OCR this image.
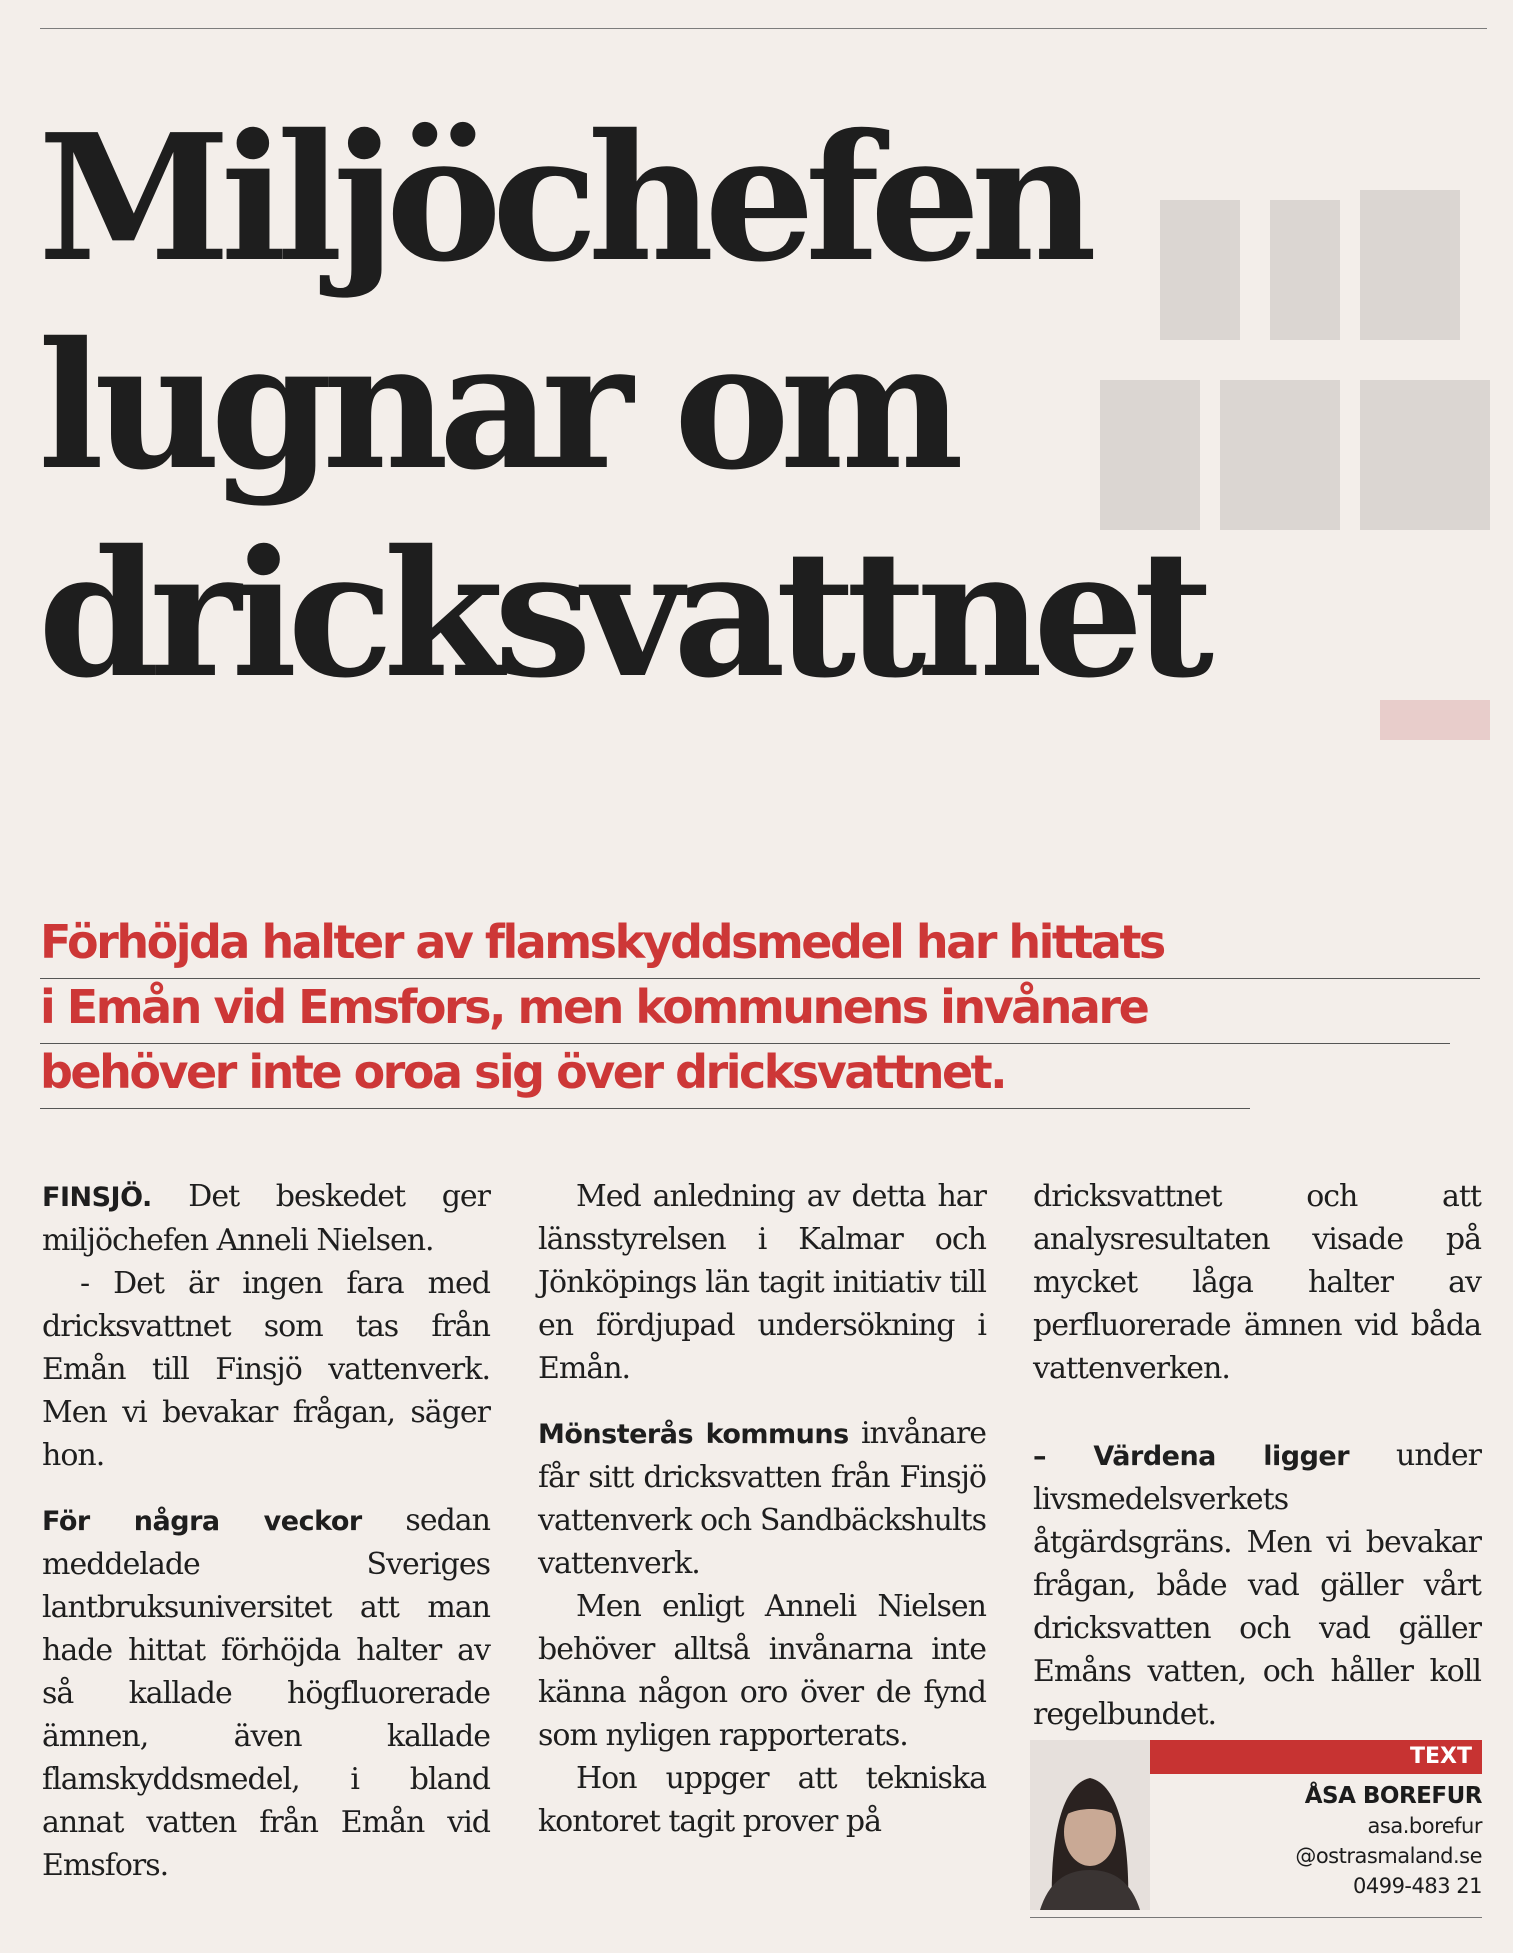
Miljöchefen
lugnar om
dricksvattnet
Förhöjda halter av flamskyddsmedel har hittats
i Emån vid Emsfors, men kommunens invånare
behöver inte oroa sig över dricksvattnet.

FINSJÖ. Det beskedet ger miljöchefen Anneli Nielsen.

- Det är ingen fara med dricksvattnet som tas från Emån till Finsjö vattenverk. Men vi bevakar frågan, säger hon.

För några veckor sedan meddelade Sveriges lantbruksuniversitet att man hade hittat förhöjda halter av så kallade högfluorerade ämnen, även kallade flamskyddsmedel, i bland annat vatten från Emån vid Emsfors.

Med anledning av detta har länsstyrelsen i Kalmar och Jönköpings län tagit initiativ till en fördjupad undersökning i Emån.

Mönsterås kommuns invånare får sitt dricksvatten från Finsjö vattenverk och Sandbäckshults vattenverk.

Men enligt Anneli Nielsen behöver alltså invånarna inte känna någon oro över de fynd som nyligen rapporterats.

Hon uppger att tekniska kontoret tagit prover på

dricksvattnet och att analysresultaten visade på mycket låga halter av perfluorerade ämnen vid båda vattenverken.

– Värdena ligger under livsmedelsverkets åtgärdsgräns. Men vi bevakar frågan, både vad gäller vårt dricksvatten och vad gäller Emåns vatten, och håller koll regelbundet.

TEXT
ÅSA BOREFUR
asa.borefur
@ostrasmaland.se
0499-483 21
